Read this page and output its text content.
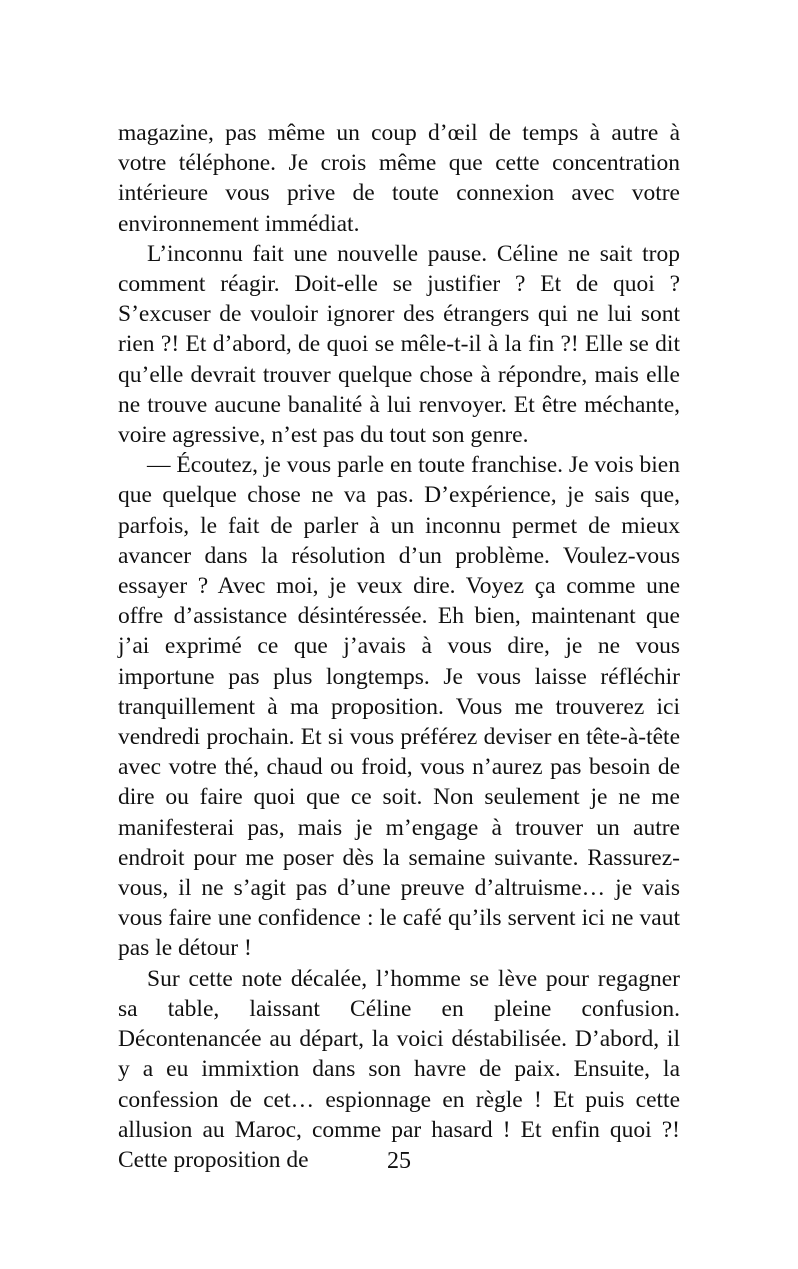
magazine, pas même un coup d’œil de temps à autre à votre téléphone. Je crois même que cette concentration intérieure vous prive de toute connexion avec votre environnement immédiat.

L’inconnu fait une nouvelle pause. Céline ne sait trop comment réagir. Doit-elle se justifier ? Et de quoi ? S’excuser de vouloir ignorer des étrangers qui ne lui sont rien ?! Et d’abord, de quoi se mêle-t-il à la fin ?! Elle se dit qu’elle devrait trouver quelque chose à répondre, mais elle ne trouve aucune banalité à lui renvoyer. Et être méchante, voire agressive, n’est pas du tout son genre.

— Écoutez, je vous parle en toute franchise. Je vois bien que quelque chose ne va pas. D’expérience, je sais que, parfois, le fait de parler à un inconnu permet de mieux avancer dans la résolution d’un problème. Voulez-vous essayer ? Avec moi, je veux dire. Voyez ça comme une offre d’assistance désintéressée. Eh bien, maintenant que j’ai exprimé ce que j’avais à vous dire, je ne vous importune pas plus longtemps. Je vous laisse réfléchir tranquillement à ma proposition. Vous me trouverez ici vendredi prochain. Et si vous préférez deviser en tête-à-tête avec votre thé, chaud ou froid, vous n’aurez pas besoin de dire ou faire quoi que ce soit. Non seulement je ne me manifesterai pas, mais je m’engage à trouver un autre endroit pour me poser dès la semaine suivante. Rassurez-vous, il ne s’agit pas d’une preuve d’altruisme… je vais vous faire une confidence : le café qu’ils servent ici ne vaut pas le détour !

Sur cette note décalée, l’homme se lève pour regagner sa table, laissant Céline en pleine confusion. Décontenancée au départ, la voici déstabilisée. D’abord, il y a eu immixtion dans son havre de paix. Ensuite, la confession de cet… espionnage en règle ! Et puis cette allusion au Maroc, comme par hasard ! Et enfin quoi ?! Cette proposition de	25
